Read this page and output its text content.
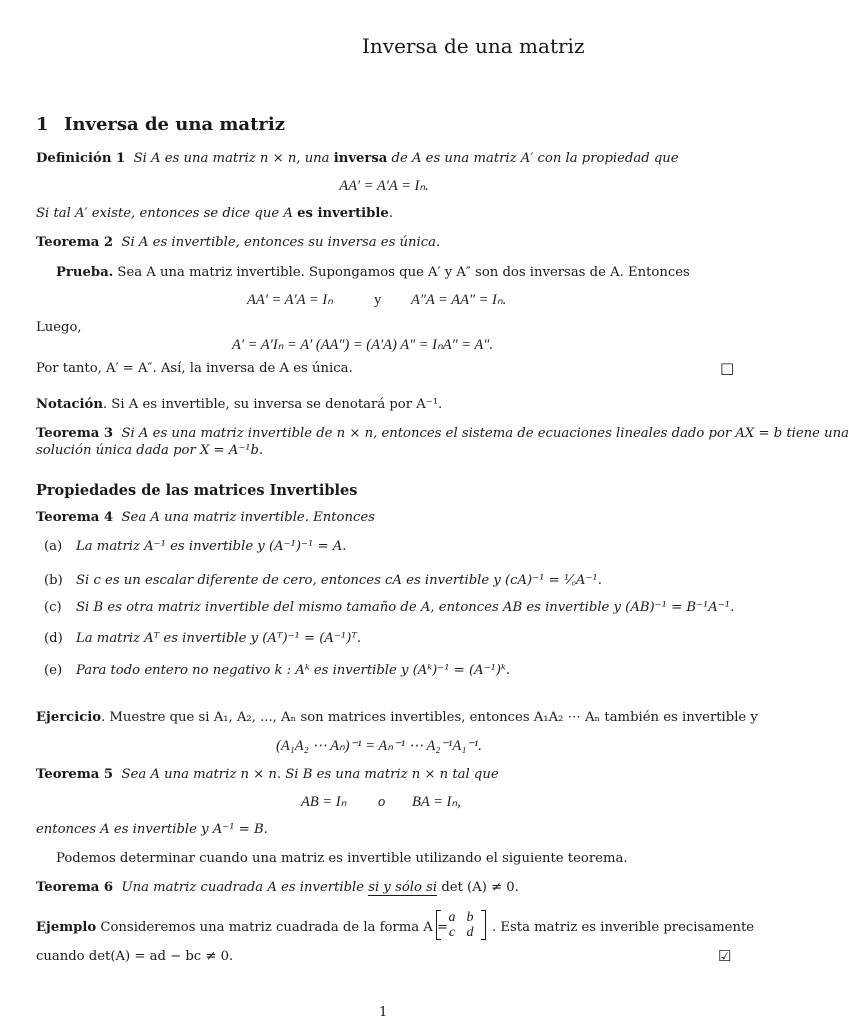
Inversa de una matriz
1 Inversa de una matriz
Definición 1 Si A es una matriz n × n, una inversa de A es una matriz A′ con la propiedad que
AA′ = A′A = Iₙ.
Si tal A′ existe, entonces se dice que A es invertible.
Teorema 2 Si A es invertible, entonces su inversa es única.
Prueba. Sea A una matriz invertible. Supongamos que A′ y A″ son dos inversas de A. Entonces
AA′ = A′A = Iₙ	y A″A = AA″ = Iₙ.
Luego,
A′ = A′Iₙ = A′ (AA″) = (A′A) A″ = IₙA″ = A″.
Por tanto, A′ = A″. Así, la inversa de A es única.	□
Notación. Si A es invertible, su inversa se denotará por A⁻¹.
Teorema 3 Si A es una matriz invertible de n × n, entonces el sistema de ecuaciones lineales dado por AX = b tiene una
solución única dada por X = A⁻¹b.
Propiedades de las matrices Invertibles
Teorema 4 Sea A una matriz invertible. Entonces
(a) La matriz A⁻¹ es invertible y (A⁻¹)⁻¹ = A.
(b) Si c es un escalar diferente de cero, entonces cA es invertible y (cA)⁻¹ = ¹⁄꜀A⁻¹.
(c) Si B es otra matriz invertible del mismo tamaño de A, entonces AB es invertible y (AB)⁻¹ = B⁻¹A⁻¹.
(d) La matriz Aᵀ es invertible y (Aᵀ)⁻¹ = (A⁻¹)ᵀ.
(e) Para todo entero no negativo k : Aᵏ es invertible y (Aᵏ)⁻¹ = (A⁻¹)ᵏ.
Ejercicio. Muestre que si A₁, A₂, ..., Aₙ son matrices invertibles, entonces A₁A₂ ⋯ Aₙ también es invertible y
(A₁A₂ ⋯ Aₙ)⁻¹ = Aₙ⁻¹ ⋯ A₂⁻¹A₁⁻¹.
Teorema 5 Sea A una matriz n × n. Si B es una matriz n × n tal que
AB = Iₙ o BA = Iₙ,
entonces A es invertible y A⁻¹ = B.
Podemos determinar cuando una matriz es invertible utilizando el siguiente teorema.
Teorema 6 Una matriz cuadrada A es invertible si y sólo si det (A) ≠ 0.
Ejemplo Consideremos una matriz cuadrada de la forma A =
a b
c d	. Esta matriz es inverible precisamente
cuando det(A) = ad − bc ≠ 0.	☑
1
